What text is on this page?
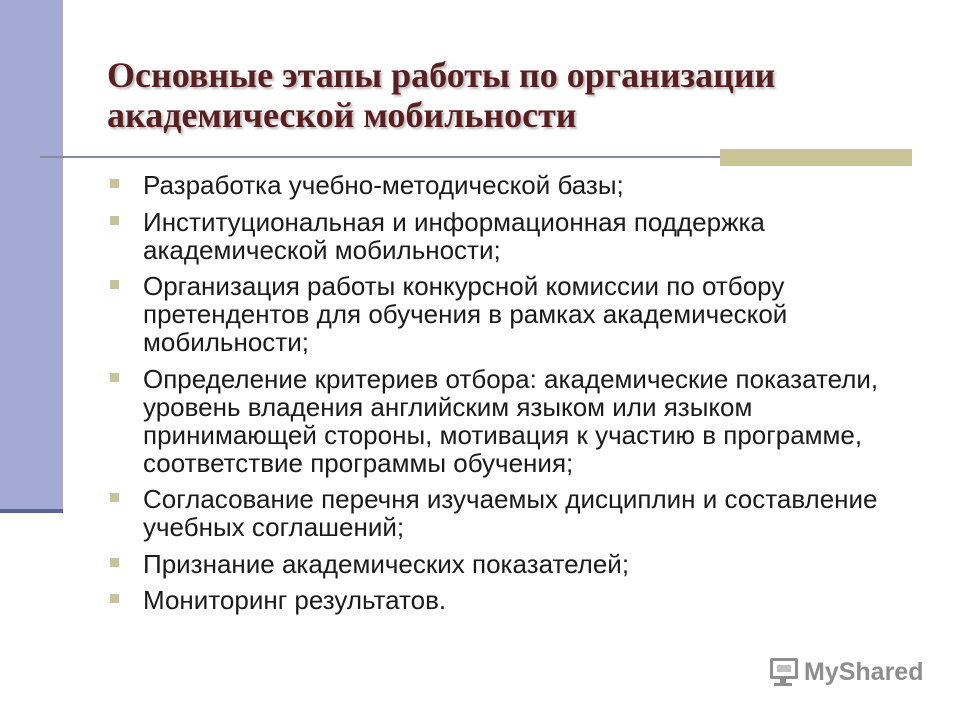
Основные этапы работы по организации
академической мобильности
Разработка учебно-методической базы;
Институциональная и информационная поддержка
академической мобильности;
Организация работы конкурсной комиссии по отбору
претендентов для обучения в рамках академической
мобильности;
Определение критериев отбора: академические показатели,
уровень владения английским языком или языком
принимающей стороны, мотивация к участию в программе,
соответствие программы обучения;
Согласование перечня изучаемых дисциплин и составление
учебных соглашений;
Признание академических показателей;
Мониторинг результатов.
MyShared
